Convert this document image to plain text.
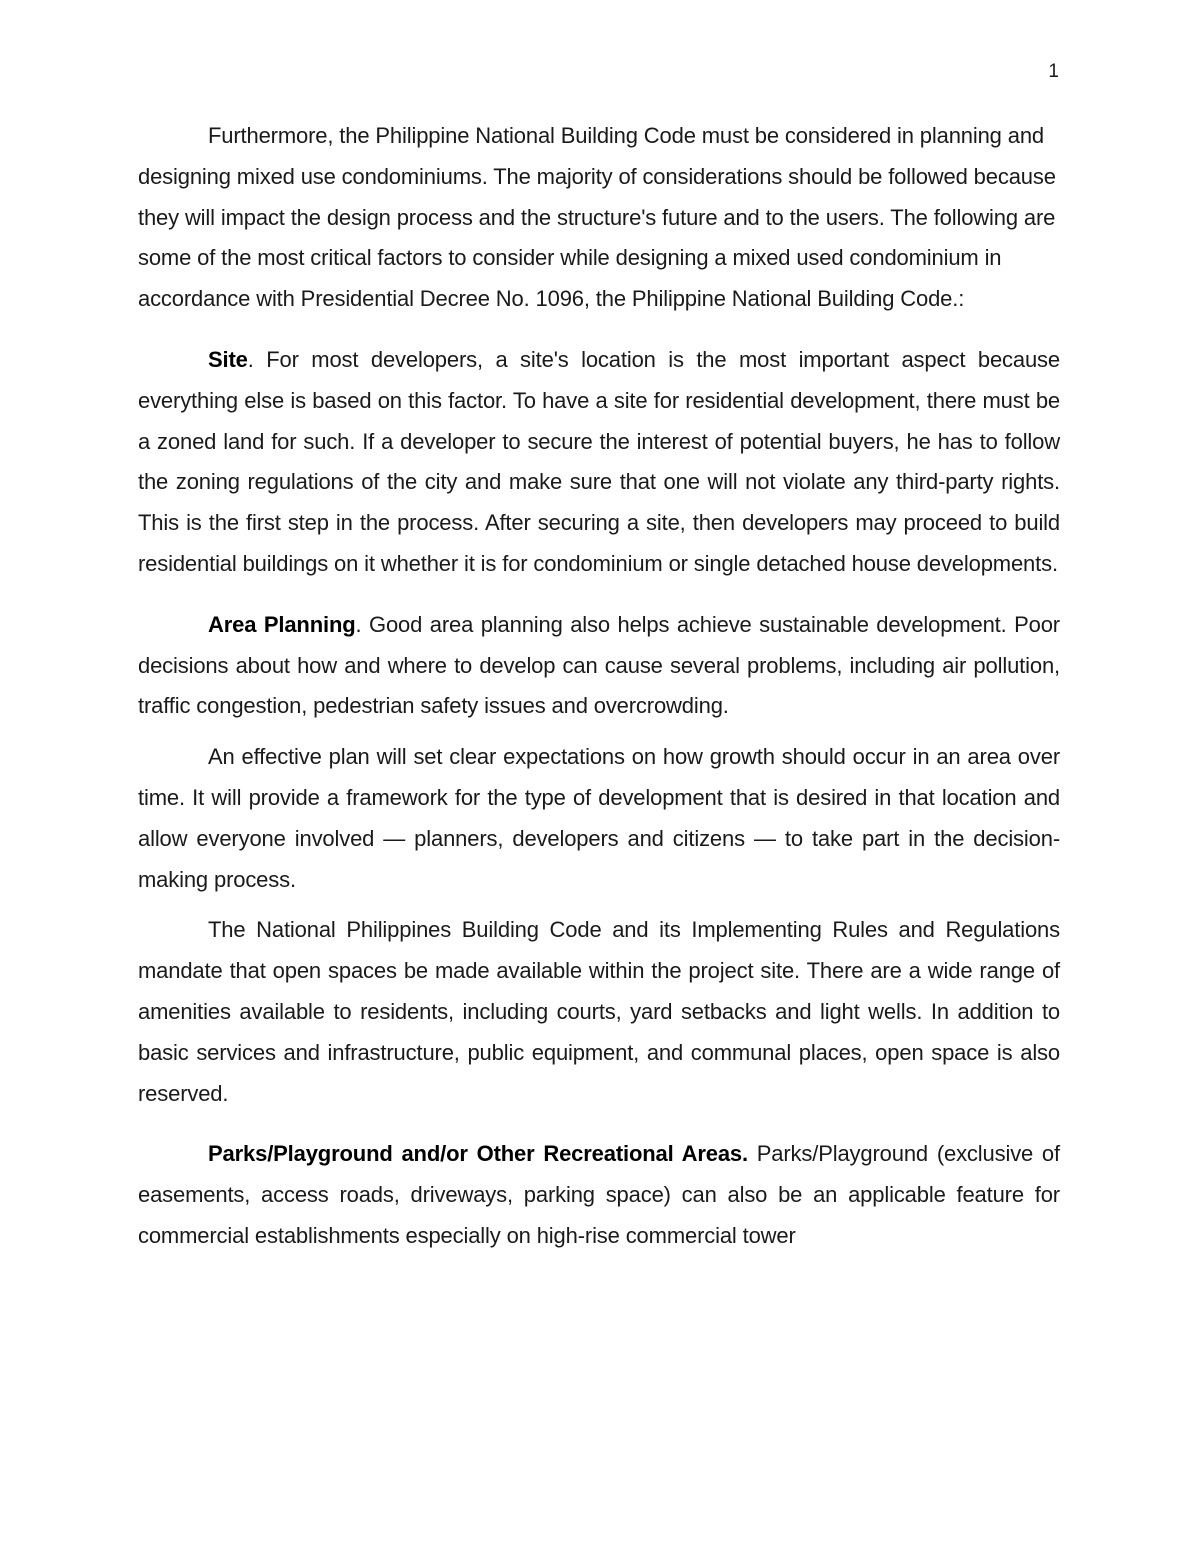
1

Furthermore, the Philippine National Building Code must be considered in planning and designing mixed use condominiums. The majority of considerations should be followed because they will impact the design process and the structure's future and to the users. The following are some of the most critical factors to consider while designing a mixed used condominium in accordance with Presidential Decree No. 1096, the Philippine National Building Code.:

Site. For most developers, a site's location is the most important aspect because everything else is based on this factor. To have a site for residential development, there must be a zoned land for such. If a developer to secure the interest of potential buyers, he has to follow the zoning regulations of the city and make sure that one will not violate any third-party rights. This is the first step in the process. After securing a site, then developers may proceed to build residential buildings on it whether it is for condominium or single detached house developments.

Area Planning. Good area planning also helps achieve sustainable development. Poor decisions about how and where to develop can cause several problems, including air pollution, traffic congestion, pedestrian safety issues and overcrowding.

An effective plan will set clear expectations on how growth should occur in an area over time. It will provide a framework for the type of development that is desired in that location and allow everyone involved — planners, developers and citizens — to take part in the decision-making process.

The National Philippines Building Code and its Implementing Rules and Regulations mandate that open spaces be made available within the project site. There are a wide range of amenities available to residents, including courts, yard setbacks and light wells. In addition to basic services and infrastructure, public equipment, and communal places, open space is also reserved.

Parks/Playground and/or Other Recreational Areas. Parks/Playground (exclusive of easements, access roads, driveways, parking space) can also be an applicable feature for commercial establishments especially on high-rise commercial tower
